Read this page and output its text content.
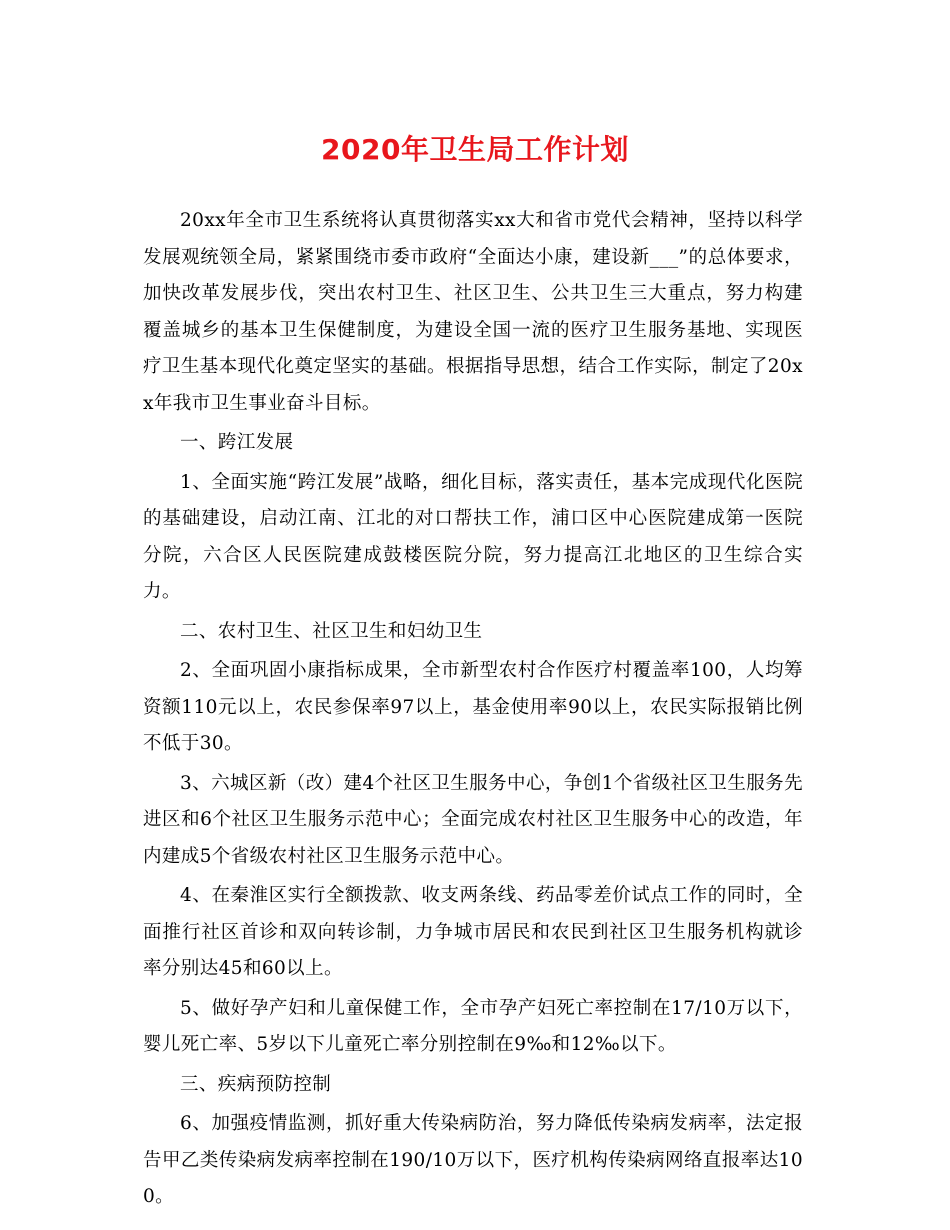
2020年卫生局工作计划

20xx年全市卫生系统将认真贯彻落实xx大和省市党代会精神，坚持以科学发展观统领全局，紧紧围绕市委市政府“全面达小康，建设新___”的总体要求，加快改革发展步伐，突出农村卫生、社区卫生、公共卫生三大重点，努力构建覆盖城乡的基本卫生保健制度，为建设全国一流的医疗卫生服务基地、实现医疗卫生基本现代化奠定坚实的基础。根据指导思想，结合工作实际，制定了20xx年我市卫生事业奋斗目标。

一、跨江发展

1、全面实施“跨江发展”战略，细化目标，落实责任，基本完成现代化医院的基础建设，启动江南、江北的对口帮扶工作，浦口区中心医院建成第一医院分院，六合区人民医院建成鼓楼医院分院，努力提高江北地区的卫生综合实力。

二、农村卫生、社区卫生和妇幼卫生

2、全面巩固小康指标成果，全市新型农村合作医疗村覆盖率100，人均筹资额110元以上，农民参保率97以上，基金使用率90以上，农民实际报销比例不低于30。

3、六城区新（改）建4个社区卫生服务中心，争创1个省级社区卫生服务先进区和6个社区卫生服务示范中心；全面完成农村社区卫生服务中心的改造，年内建成5个省级农村社区卫生服务示范中心。

4、在秦淮区实行全额拨款、收支两条线、药品零差价试点工作的同时，全面推行社区首诊和双向转诊制，力争城市居民和农民到社区卫生服务机构就诊率分别达45和60以上。

5、做好孕产妇和儿童保健工作，全市孕产妇死亡率控制在17/10万以下，婴儿死亡率、5岁以下儿童死亡率分别控制在9‰和12‰以下。

三、疾病预防控制

6、加强疫情监测，抓好重大传染病防治，努力降低传染病发病率，法定报告甲乙类传染病发病率控制在190/10万以下，医疗机构传染病网络直报率达100。
